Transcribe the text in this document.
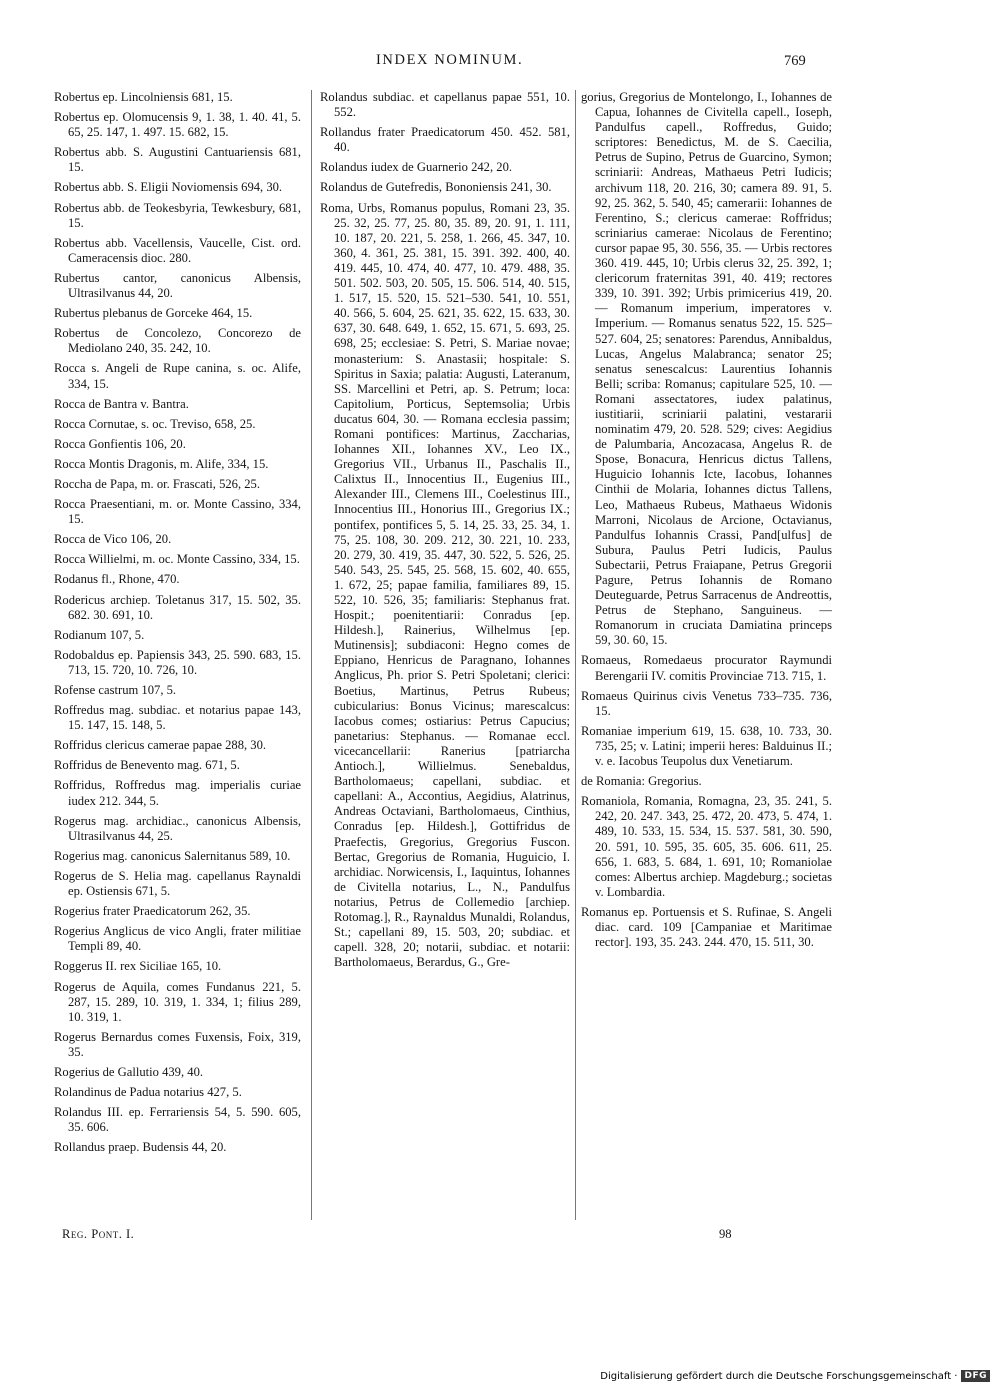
INDEX NOMINUM.	769

Robertus ep. Lincolniensis 681, 15.

Robertus ep. Olomucensis 9, 1. 38, 1. 40. 41, 5. 65, 25. 147, 1. 497. 15. 682, 15.

Robertus abb. S. Augustini Cantuariensis 681, 15.

Robertus abb. S. Eligii Noviomensis 694, 30.

Robertus abb. de Teokesbyria, Tewkesbury, 681, 15.

Robertus abb. Vacellensis, Vaucelle, Cist. ord. Cameracensis dioc. 280.

Rubertus cantor, canonicus Albensis, Ultrasilvanus 44, 20.

Rubertus plebanus de Gorceke 464, 15.

Robertus de Concolezo, Concorezo de Mediolano 240, 35. 242, 10.

Rocca s. Angeli de Rupe canina, s. oc. Alife, 334, 15.

Rocca de Bantra v. Bantra.

Rocca Cornutae, s. oc. Treviso, 658, 25.

Rocca Gonfientis 106, 20.

Rocca Montis Dragonis, m. Alife, 334, 15.

Roccha de Papa, m. or. Frascati, 526, 25.

Rocca Praesentiani, m. or. Monte Cassino, 334, 15.

Rocca de Vico 106, 20.

Rocca Willielmi, m. oc. Monte Cassino, 334, 15.

Rodanus fl., Rhone, 470.

Rodericus archiep. Toletanus 317, 15. 502, 35. 682. 30. 691, 10.

Rodianum 107, 5.

Rodobaldus ep. Papiensis 343, 25. 590. 683, 15. 713, 15. 720, 10. 726, 10.

Rofense castrum 107, 5.

Roffredus mag. subdiac. et notarius papae 143, 15. 147, 15. 148, 5.

Roffridus clericus camerae papae 288, 30.

Roffridus de Benevento mag. 671, 5.

Roffridus, Roffredus mag. imperialis curiae iudex 212. 344, 5.

Rogerus mag. archidiac., canonicus Albensis, Ultrasilvanus 44, 25.

Rogerius mag. canonicus Salernitanus 589, 10.

Rogerus de S. Helia mag. capellanus Raynaldi ep. Ostiensis 671, 5.

Rogerius frater Praedicatorum 262, 35.

Rogerius Anglicus de vico Angli, frater militiae Templi 89, 40.

Roggerus II. rex Siciliae 165, 10.

Rogerus de Aquila, comes Fundanus 221, 5. 287, 15. 289, 10. 319, 1. 334, 1; filius 289, 10. 319, 1.

Rogerus Bernardus comes Fuxensis, Foix, 319, 35.

Rogerius de Gallutio 439, 40.

Rolandinus de Padua notarius 427, 5.

Rolandus III. ep. Ferrariensis 54, 5. 590. 605, 35. 606.

Rollandus praep. Budensis 44, 20.

Rolandus subdiac. et capellanus papae 551, 10. 552.

Rollandus frater Praedicatorum 450. 452. 581, 40.

Rolandus iudex de Guarnerio 242, 20.

Rolandus de Gutefredis, Bononiensis 241, 30.

Roma, Urbs, Romanus populus, Romani 23, 35. 25. 32, 25. 77, 25. 80, 35. 89, 20. 91, 1. 111, 10. 187, 20. 221, 5. 258, 1. 266, 45. 347, 10. 360, 4. 361, 25. 381, 15. 391. 392. 400, 40. 419. 445, 10. 474, 40. 477, 10. 479. 488, 35. 501. 502. 503, 20. 505, 15. 506. 514, 40. 515, 1. 517, 15. 520, 15. 521–530. 541, 10. 551, 40. 566, 5. 604, 25. 621, 35. 622, 15. 633, 30. 637, 30. 648. 649, 1. 652, 15. 671, 5. 693, 25. 698, 25; ecclesiae: S. Petri, S. Mariae novae; monasterium: S. Anastasii; hospitale: S. Spiritus in Saxia; palatia: Augusti, Lateranum, SS. Marcellini et Petri, ap. S. Petrum; loca: Capitolium, Porticus, Septemsolia; Urbis ducatus 604, 30. — Romana ecclesia passim; Romani pontifices: Martinus, Zaccharias, Iohannes XII., Iohannes XV., Leo IX., Gregorius VII., Urbanus II., Paschalis II., Calixtus II., Innocentius II., Eugenius III., Alexander III., Clemens III., Coelestinus III., Innocentius III., Honorius III., Gregorius IX.; pontifex, pontifices 5, 5. 14, 25. 33, 25. 34, 1. 75, 25. 108, 30. 209. 212, 30. 221, 10. 233, 20. 279, 30. 419, 35. 447, 30. 522, 5. 526, 25. 540. 543, 25. 545, 25. 568, 15. 602, 40. 655, 1. 672, 25; papae familia, familiares 89, 15. 522, 10. 526, 35; familiaris: Stephanus frat. Hospit.; poenitentiarii: Conradus [ep. Hildesh.], Rainerius, Wilhelmus [ep. Mutinensis]; subdiaconi: Hegno comes de Eppiano, Henricus de Paragnano, Iohannes Anglicus, Ph. prior S. Petri Spoletani; clerici: Boetius, Martinus, Petrus Rubeus; cubicularius: Bonus Vicinus; marescalcus: Iacobus comes; ostiarius: Petrus Capucius; panetarius: Stephanus. — Romanae eccl. vicecancellarii: Ranerius [patriarcha Antioch.], Willielmus. Senebaldus, Bartholomaeus; capellani, subdiac. et capellani: A., Accontius, Aegidius, Alatrinus, Andreas Octaviani, Bartholomaeus, Cinthius, Conradus [ep. Hildesh.], Gottifridus de Praefectis, Gregorius, Gregorius Fuscon. Bertac, Gregorius de Romania, Huguicio, I. archidiac. Norwicensis, I., Iaquintus, Iohannes de Civitella notarius, L., N., Pandulfus notarius, Petrus de Collemedio [archiep. Rotomag.], R., Raynaldus Munaldi, Rolandus, St.; capellani 89, 15. 503, 20; subdiac. et capell. 328, 20; notarii, subdiac. et notarii: Bartholomaeus, Berardus, G., Gre-

gorius, Gregorius de Montelongo, I., Iohannes de Capua, Iohannes de Civitella capell., Ioseph, Pandulfus capell., Roffredus, Guido; scriptores: Benedictus, M. de S. Caecilia, Petrus de Supino, Petrus de Guarcino, Symon; scriniarii: Andreas, Mathaeus Petri Iudicis; archivum 118, 20. 216, 30; camera 89. 91, 5. 92, 25. 362, 5. 540, 45; camerarii: Iohannes de Ferentino, S.; clericus camerae: Roffridus; scriniarius camerae: Nicolaus de Ferentino; cursor papae 95, 30. 556, 35. — Urbis rectores 360. 419. 445, 10; Urbis clerus 32, 25. 392, 1; clericorum fraternitas 391, 40. 419; rectores 339, 10. 391. 392; Urbis primicerius 419, 20. — Romanum imperium, imperatores v. Imperium. — Romanus senatus 522, 15. 525–527. 604, 25; senatores: Parendus, Annibaldus, Lucas, Angelus Malabranca; senator 25; senatus senescalcus: Laurentius Iohannis Belli; scriba: Romanus; capitulare 525, 10. — Romani assectatores, iudex palatinus, iustitiarii, scriniarii palatini, vestararii nominatim 479, 20. 528. 529; cives: Aegidius de Palumbaria, Ancozacasa, Angelus R. de Spose, Bonacura, Henricus dictus Tallens, Huguicio Iohannis Icte, Iacobus, Iohannes Cinthii de Molaria, Iohannes dictus Tallens, Leo, Mathaeus Rubeus, Mathaeus Widonis Marroni, Nicolaus de Arcione, Octavianus, Pandulfus Iohannis Crassi, Pand[ulfus] de Subura, Paulus Petri Iudicis, Paulus Subectarii, Petrus Fraiapane, Petrus Gregorii Pagure, Petrus Iohannis de Romano Deuteguarde, Petrus Sarracenus de Andreottis, Petrus de Stephano, Sanguineus. — Romanorum in cruciata Damiatina princeps 59, 30. 60, 15.

Romaeus, Romedaeus procurator Raymundi Berengarii IV. comitis Provinciae 713. 715, 1.

Romaeus Quirinus civis Venetus 733–735. 736, 15.

Romaniae imperium 619, 15. 638, 10. 733, 30. 735, 25; v. Latini; imperii heres: Balduinus II.; v. e. Iacobus Teupolus dux Venetiarum.

de Romania: Gregorius.

Romaniola, Romania, Romagna, 23, 35. 241, 5. 242, 20. 247. 343, 25. 472, 20. 473, 5. 474, 1. 489, 10. 533, 15. 534, 15. 537. 581, 30. 590, 20. 591, 10. 595, 35. 605, 35. 606. 611, 25. 656, 1. 683, 5. 684, 1. 691, 10; Romaniolae comes: Albertus archiep. Magdeburg.; societas v. Lombardia.

Romanus ep. Portuensis et S. Rufinae, S. Angeli diac. card. 109 [Campaniae et Maritimae rector]. 193, 35. 243. 244. 470, 15. 511, 30.

Reg. Pont. I.	98
Digitalisierung gefördert durch die Deutsche Forschungsgemeinschaft · DFG
